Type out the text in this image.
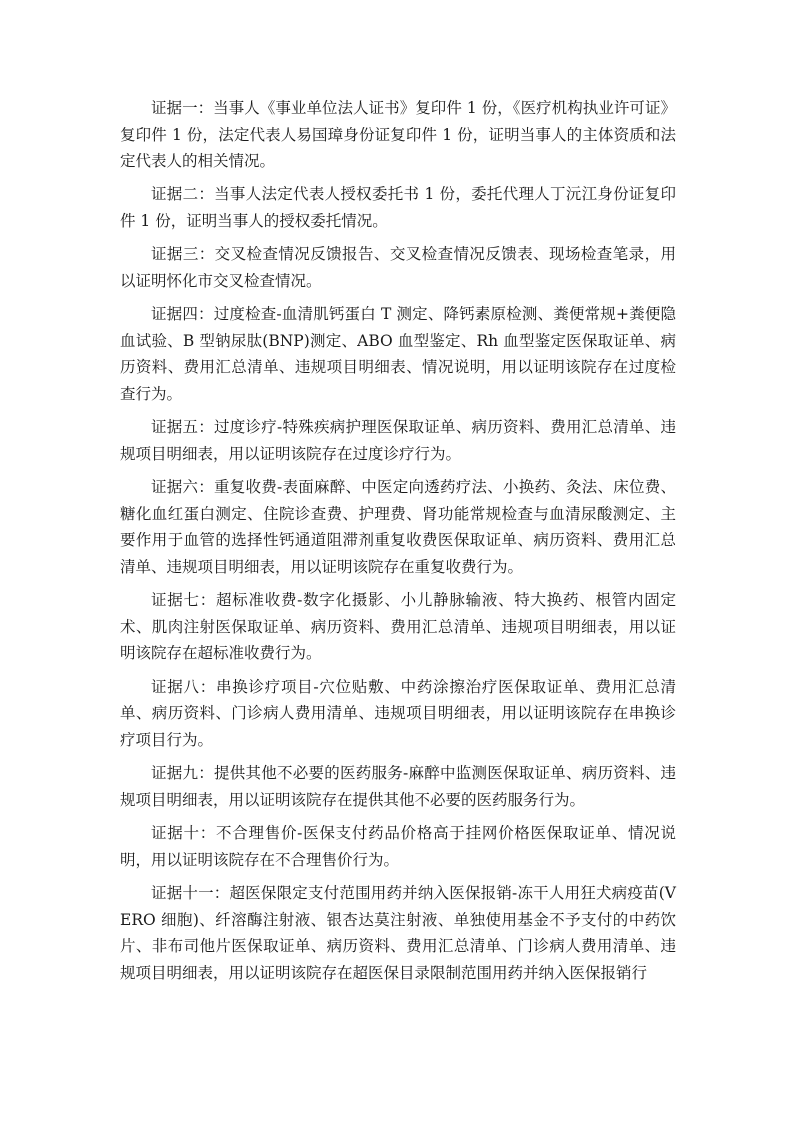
证据一：当事人《事业单位法人证书》复印件 1 份，《医疗机构执业许可证》复印件 1 份，法定代表人易国璋身份证复印件 1 份，证明当事人的主体资质和法定代表人的相关情况。

证据二：当事人法定代表人授权委托书 1 份，委托代理人丁沅江身份证复印件 1 份，证明当事人的授权委托情况。

证据三：交叉检查情况反馈报告、交叉检查情况反馈表、现场检查笔录，用以证明怀化市交叉检查情况。

证据四：过度检查-血清肌钙蛋白 T 测定、降钙素原检测、粪便常规+粪便隐血试验、B 型钠尿肽(BNP)测定、ABO 血型鉴定、Rh 血型鉴定医保取证单、病历资料、费用汇总清单、违规项目明细表、情况说明，用以证明该院存在过度检查行为。

证据五：过度诊疗-特殊疾病护理医保取证单、病历资料、费用汇总清单、违规项目明细表，用以证明该院存在过度诊疗行为。

证据六：重复收费-表面麻醉、中医定向透药疗法、小换药、灸法、床位费、糖化血红蛋白测定、住院诊查费、护理费、肾功能常规检查与血清尿酸测定、主要作用于血管的选择性钙通道阻滞剂重复收费医保取证单、病历资料、费用汇总清单、违规项目明细表，用以证明该院存在重复收费行为。

证据七：超标准收费-数字化摄影、小儿静脉输液、特大换药、根管内固定术、肌肉注射医保取证单、病历资料、费用汇总清单、违规项目明细表，用以证明该院存在超标准收费行为。

证据八：串换诊疗项目-穴位贴敷、中药涂擦治疗医保取证单、费用汇总清单、病历资料、门诊病人费用清单、违规项目明细表，用以证明该院存在串换诊疗项目行为。

证据九：提供其他不必要的医药服务-麻醉中监测医保取证单、病历资料、违规项目明细表，用以证明该院存在提供其他不必要的医药服务行为。

证据十：不合理售价-医保支付药品价格高于挂网价格医保取证单、情况说明，用以证明该院存在不合理售价行为。

证据十一：超医保限定支付范围用药并纳入医保报销-冻干人用狂犬病疫苗(VERO 细胞)、纤溶酶注射液、银杏达莫注射液、单独使用基金不予支付的中药饮片、非布司他片医保取证单、病历资料、费用汇总清单、门诊病人费用清单、违规项目明细表，用以证明该院存在超医保目录限制范围用药并纳入医保报销行
